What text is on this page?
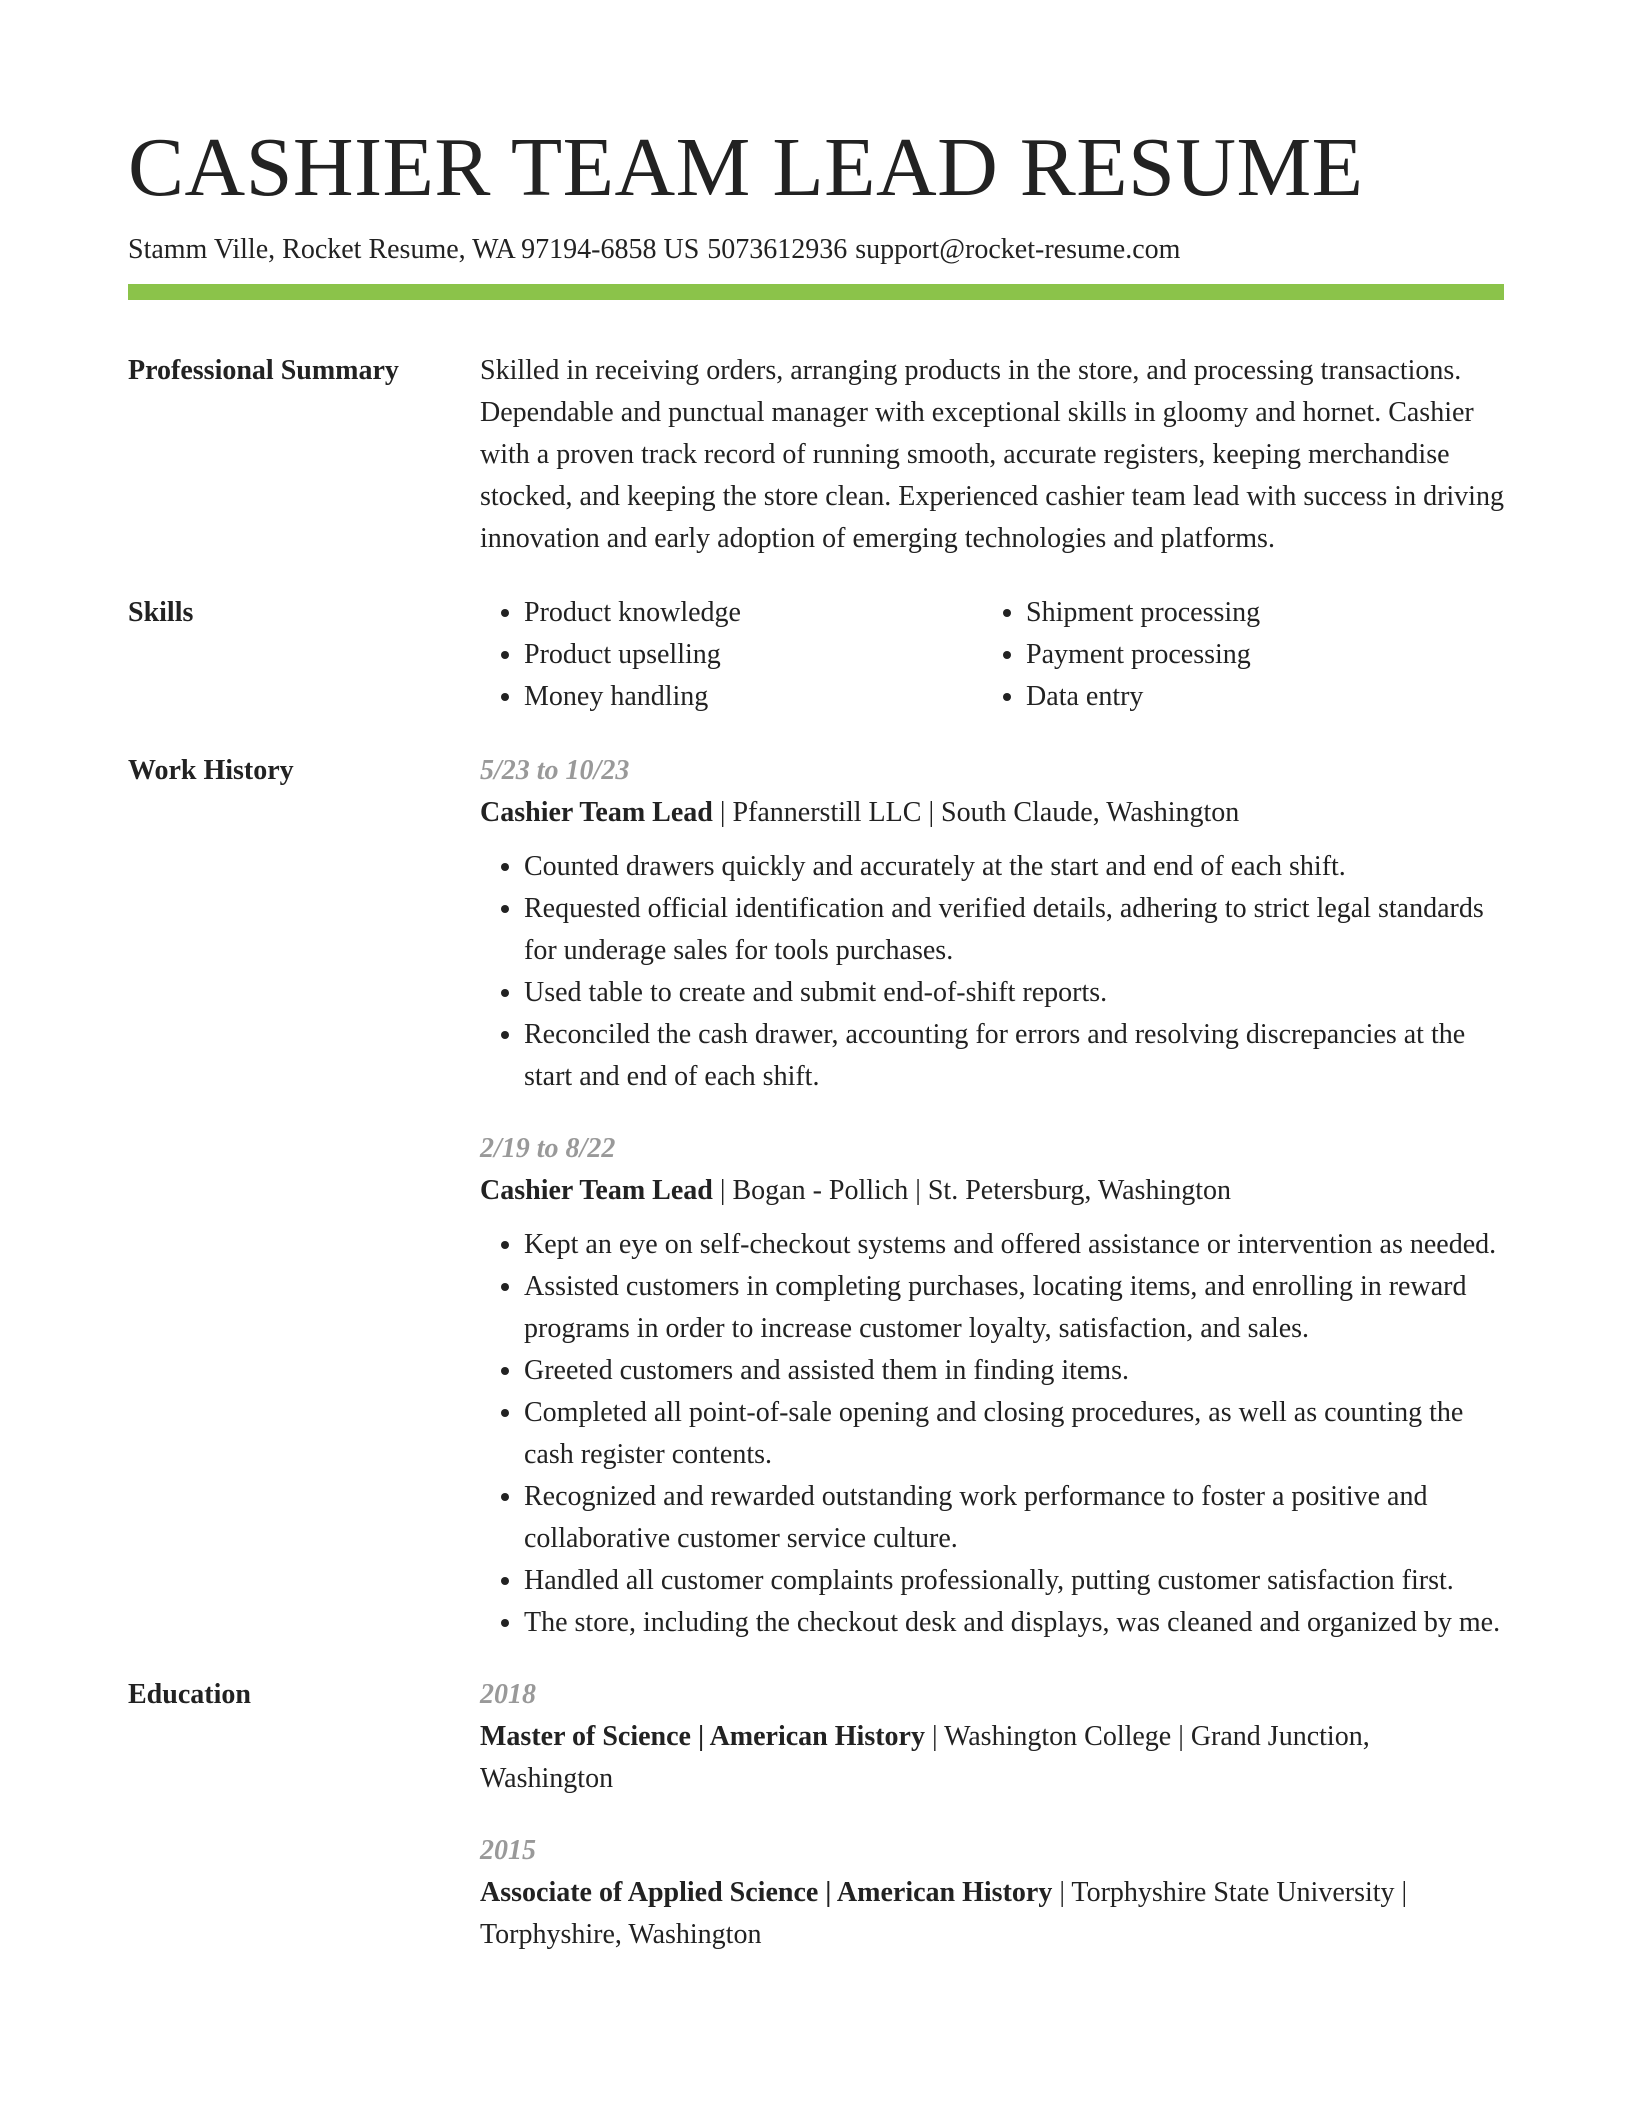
CASHIER TEAM LEAD RESUME
Stamm Ville, Rocket Resume, WA 97194-6858 US 5073612936 support@rocket-resume.com
Professional Summary	Skilled in receiving orders, arranging products in the store, and processing transactions. Dependable and punctual manager with exceptional skills in gloomy and hornet. Cashier with a proven track record of running smooth, accurate registers, keeping merchandise stocked, and keeping the store clean. Experienced cashier team lead with success in driving innovation and early adoption of emerging technologies and platforms.
Skills
•	Product knowledge
• Product upselling
• Money handling
• Shipment processing
• Payment processing
• Data entry
Work History	5/23 to 10/23
Cashier Team Lead | Pfannerstill LLC | South Claude, Washington
• Counted drawers quickly and accurately at the start and end of each shift.
• Requested official identification and verified details, adhering to strict legal standards for underage sales for tools purchases.
• Used table to create and submit end-of-shift reports.
• Reconciled the cash drawer, accounting for errors and resolving discrepancies at the start and end of each shift.
2/19 to 8/22
Cashier Team Lead | Bogan - Pollich | St. Petersburg, Washington
• Kept an eye on self-checkout systems and offered assistance or intervention as needed.
• Assisted customers in completing purchases, locating items, and enrolling in reward programs in order to increase customer loyalty, satisfaction, and sales.
• Greeted customers and assisted them in finding items.
• Completed all point-of-sale opening and closing procedures, as well as counting the cash register contents.
• Recognized and rewarded outstanding work performance to foster a positive and collaborative customer service culture.
• Handled all customer complaints professionally, putting customer satisfaction first.
• The store, including the checkout desk and displays, was cleaned and organized by me.
Education	2018
Master of Science | American History | Washington College | Grand Junction, Washington
2015
Associate of Applied Science | American History | Torphyshire State University | Torphyshire, Washington
